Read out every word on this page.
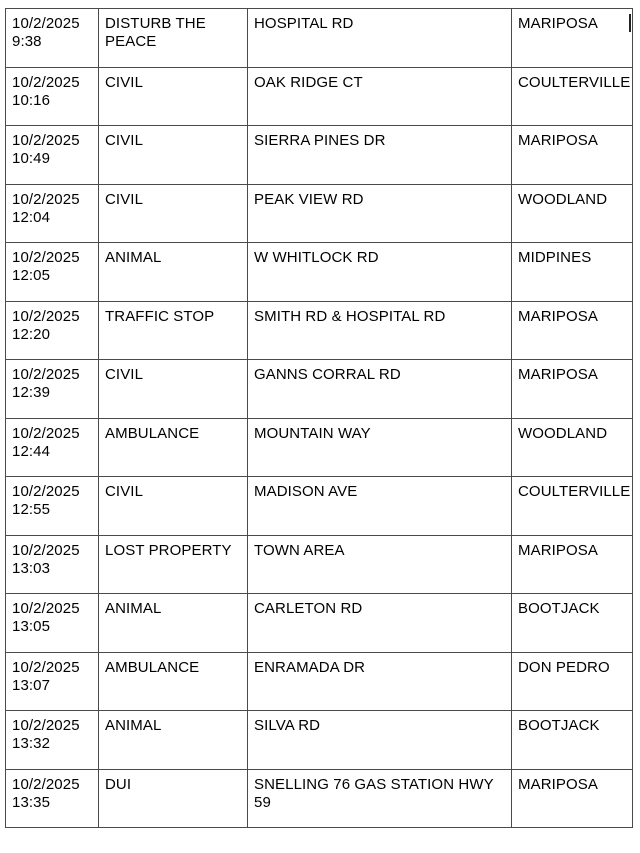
10/2/2025
9:38	DISTURB THE PEACE	HOSPITAL RD	MARIPOSA

10/2/2025
10:16	CIVIL	OAK RIDGE CT	COULTERVILLE

10/2/2025
10:49	CIVIL	SIERRA PINES DR	MARIPOSA

10/2/2025
12:04	CIVIL	PEAK VIEW RD	WOODLAND

10/2/2025
12:05	ANIMAL	W WHITLOCK RD	MIDPINES

10/2/2025
12:20	TRAFFIC STOP	SMITH RD & HOSPITAL RD	MARIPOSA

10/2/2025
12:39	CIVIL	GANNS CORRAL RD	MARIPOSA

10/2/2025
12:44	AMBULANCE	MOUNTAIN WAY	WOODLAND

10/2/2025
12:55	CIVIL	MADISON AVE	COULTERVILLE

10/2/2025
13:03	LOST PROPERTY	TOWN AREA	MARIPOSA

10/2/2025
13:05	ANIMAL	CARLETON RD	BOOTJACK

10/2/2025
13:07	AMBULANCE	ENRAMADA DR	DON PEDRO

10/2/2025
13:32	ANIMAL	SILVA RD	BOOTJACK

10/2/2025
13:35	DUI	SNELLING 76 GAS STATION HWY 59	MARIPOSA
